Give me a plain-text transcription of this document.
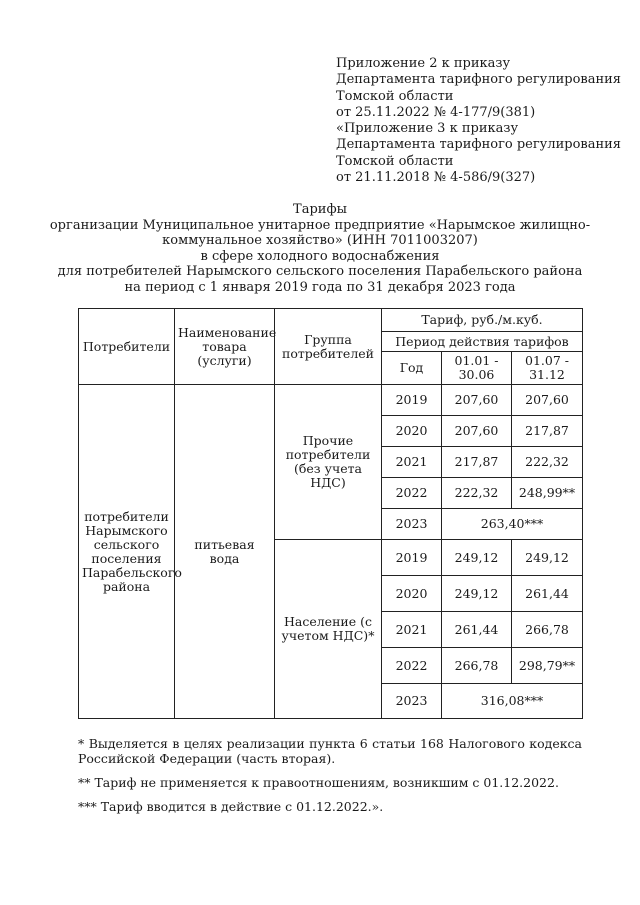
Приложение 2 к приказу
Департамента тарифного регулирования
Томской области
от 25.11.2022 № 4-177/9(381)
«Приложение 3 к приказу
Департамента тарифного регулирования
Томской области
от 21.11.2018 № 4-586/9(327)
Тарифы
организации Муниципальное унитарное предприятие «Нарымское жилищно-
коммунальное хозяйство» (ИНН 7011003207)
в сфере холодного водоснабжения
для потребителей Нарымского сельского поселения Парабельского района
на период с 1 января 2019 года по 31 декабря 2023 года
Потребители	Наименование товара (услуги)	Группа потребителей	Тариф, руб./м.куб.		
			Период действия тарифов		
			Год	01.01 - 30.06	01.07 - 31.12
потребители Нарымского сельского поселения Парабельского района	питьевая вода	Прочие потребители (без учета НДС)	2019	207,60	207,60
			2020	207,60	217,87
			2021	217,87	222,32
			2022	222,32	248,99**
			2023	263,40***	
		Население (с учетом НДС)*	2019	249,12	249,12
			2020	249,12	261,44
			2021	261,44	266,78
			2022	266,78	298,79**
			2023	316,08***	
* Выделяется в целях реализации пункта 6 статьи 168 Налогового кодекса Российской Федерации (часть вторая).
** Тариф не применяется к правоотношениям, возникшим с 01.12.2022.
*** Тариф вводится в действие с 01.12.2022.».
